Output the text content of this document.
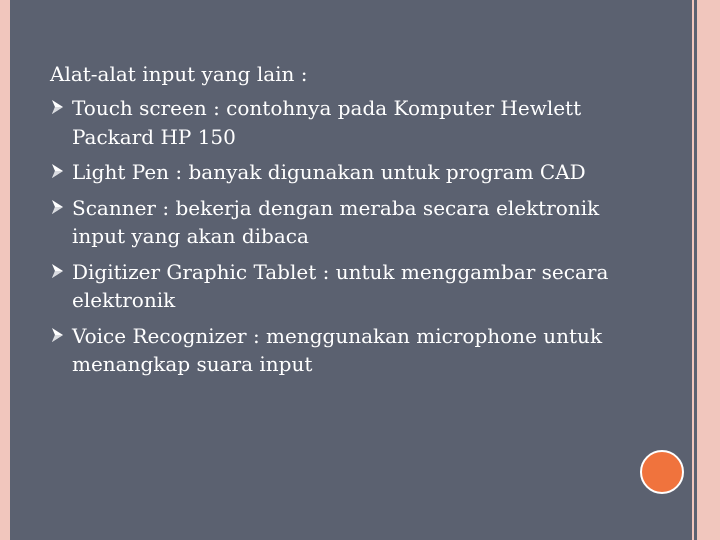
Alat-alat input yang lain :
Touch screen : contohnya pada Komputer Hewlett Packard HP 150
Light Pen : banyak digunakan untuk program CAD
Scanner : bekerja dengan meraba secara elektronik input yang akan dibaca
Digitizer Graphic Tablet : untuk menggambar secara elektronik
Voice Recognizer : menggunakan microphone untuk menangkap suara input
